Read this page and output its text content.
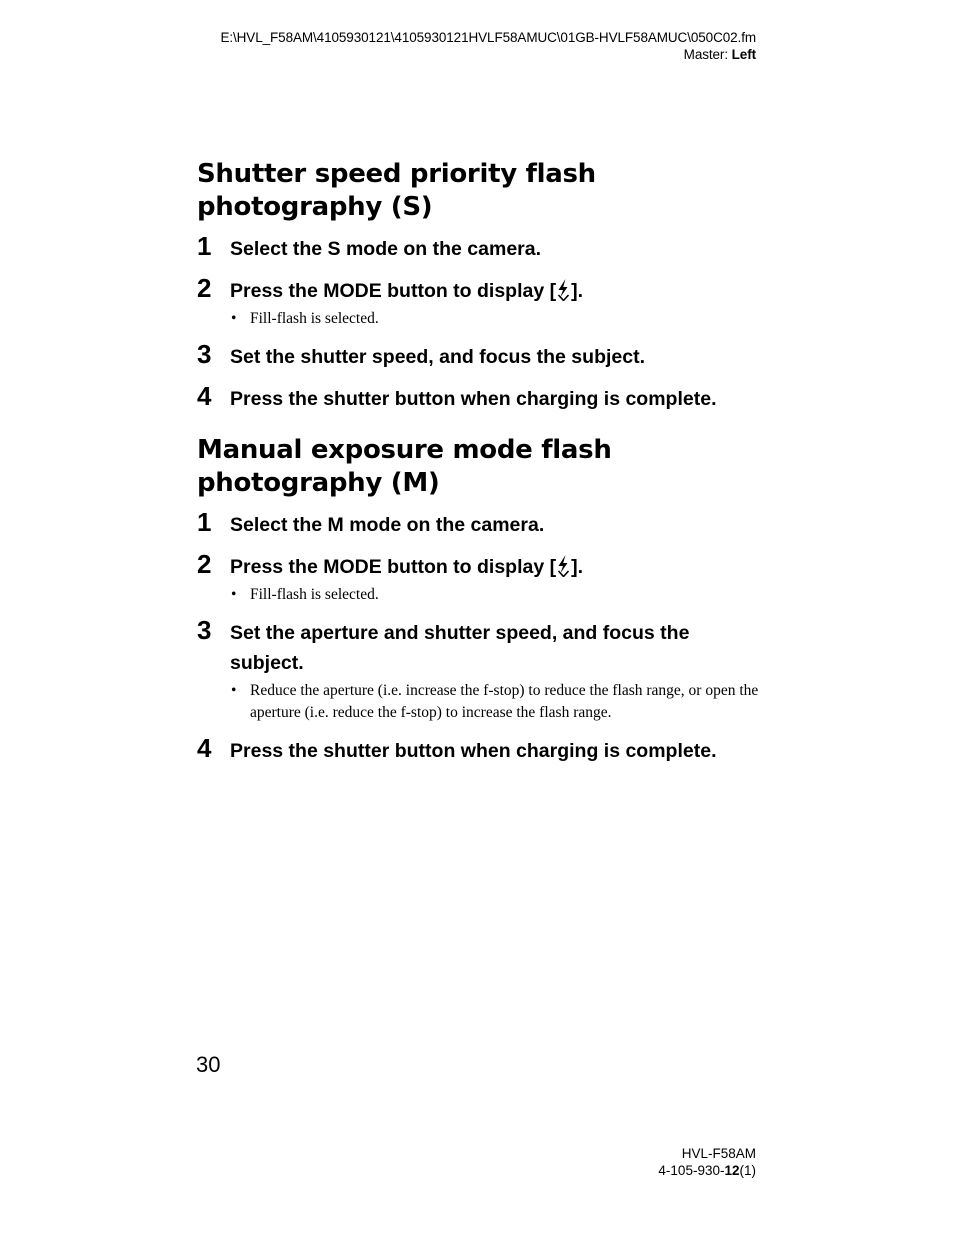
E:\HVL_F58AM\4105930121\4105930121HVLF58AMUC\01GB-HVLF58AMUC\050C02.fm
Master: Left
Shutter speed priority flash
photography (S)
1 Select the S mode on the camera.
2 Press the MODE button to display [ ].
• Fill-flash is selected.
3 Set the shutter speed, and focus the subject.
4 Press the shutter button when charging is complete.
Manual exposure mode flash
photography (M)
1 Select the M mode on the camera.
2 Press the MODE button to display [ ].
• Fill-flash is selected.
3 Set the aperture and shutter speed, and focus the subject.
• Reduce the aperture (i.e. increase the f-stop) to reduce the flash range, or open the aperture (i.e. reduce the f-stop) to increase the flash range.
4 Press the shutter button when charging is complete.
30
HVL-F58AM
4-105-930-12(1)
